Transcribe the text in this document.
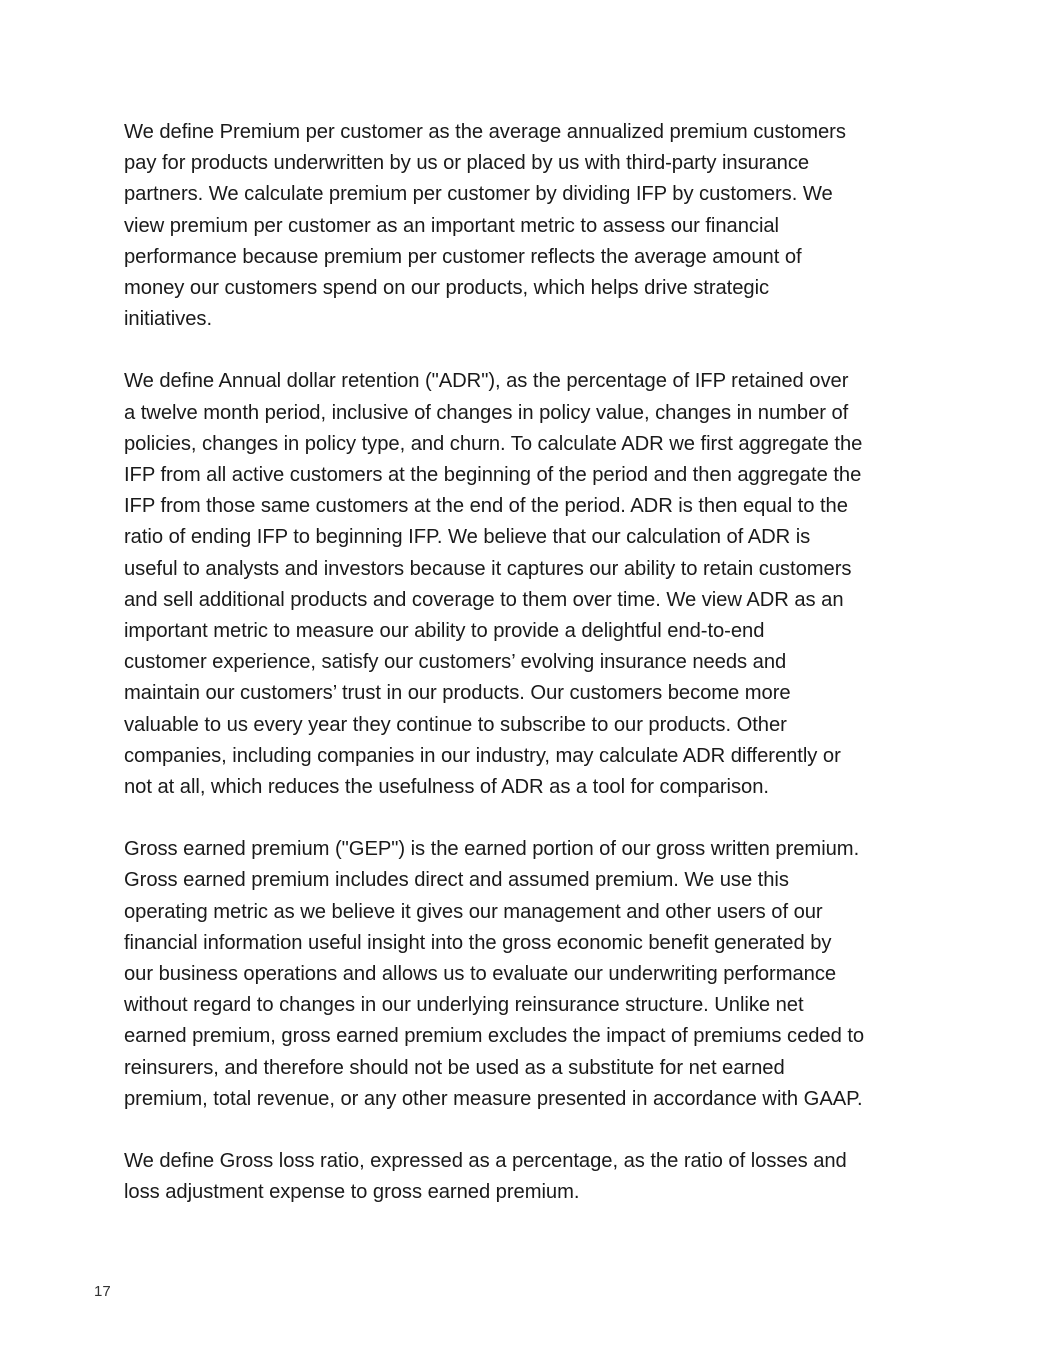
We define Premium per customer as the average annualized premium customers
pay for products underwritten by us or placed by us with third-party insurance
partners. We calculate premium per customer by dividing IFP by customers. We
view premium per customer as an important metric to assess our financial
performance because premium per customer reflects the average amount of
money our customers spend on our products, which helps drive strategic
initiatives.

We define Annual dollar retention ("ADR"), as the percentage of IFP retained over
a twelve month period, inclusive of changes in policy value, changes in number of
policies, changes in policy type, and churn. To calculate ADR we first aggregate the
IFP from all active customers at the beginning of the period and then aggregate the
IFP from those same customers at the end of the period. ADR is then equal to the
ratio of ending IFP to beginning IFP. We believe that our calculation of ADR is
useful to analysts and investors because it captures our ability to retain customers
and sell additional products and coverage to them over time. We view ADR as an
important metric to measure our ability to provide a delightful end-to-end
customer experience, satisfy our customers’ evolving insurance needs and
maintain our customers’ trust in our products. Our customers become more
valuable to us every year they continue to subscribe to our products. Other
companies, including companies in our industry, may calculate ADR differently or
not at all, which reduces the usefulness of ADR as a tool for comparison.

Gross earned premium ("GEP") is the earned portion of our gross written premium.
Gross earned premium includes direct and assumed premium. We use this
operating metric as we believe it gives our management and other users of our
financial information useful insight into the gross economic benefit generated by
our business operations and allows us to evaluate our underwriting performance
without regard to changes in our underlying reinsurance structure. Unlike net
earned premium, gross earned premium excludes the impact of premiums ceded to
reinsurers, and therefore should not be used as a substitute for net earned
premium, total revenue, or any other measure presented in accordance with GAAP.

We define Gross loss ratio, expressed as a percentage, as the ratio of losses and
loss adjustment expense to gross earned premium.

17
